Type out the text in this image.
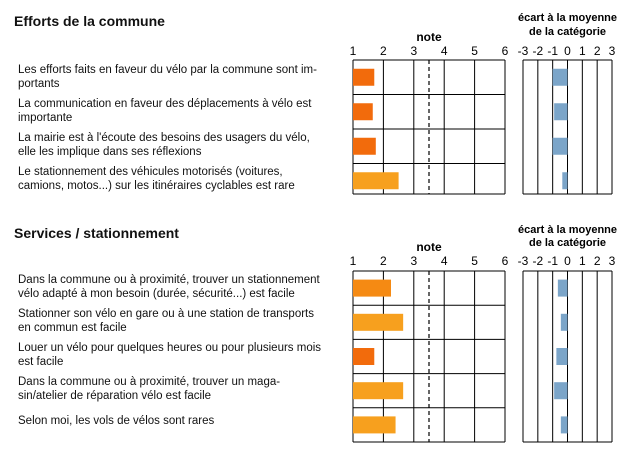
Efforts de la commune
Les efforts faits en faveur du vélo par la commune sont im-
portants
La communication en faveur des déplacements à vélo est
importante
La mairie est à l'écoute des besoins des usagers du vélo,
elle les implique dans ses réflexions
Le stationnement des véhicules motorisés (voitures,
camions, motos...) sur les itinéraires cyclables est rare
Services / stationnement
Dans la commune ou à proximité, trouver un stationnement
vélo adapté à mon besoin (durée, sécurité...) est facile
Stationner son vélo en gare ou à une station de transports
en commun est facile
Louer un vélo pour quelques heures ou pour plusieurs mois
est facile
Dans la commune ou à proximité, trouver un maga-
sin/atelier de réparation vélo est facile
Selon moi, les vols de vélos sont rares
note
1 2 3 4 5 6
écart à la moyenne
de la catégorie
-3 -2 -1 0 1 2 3
note
1 2 3 4 5 6
écart à la moyenne
de la catégorie
-3 -2 -1 0 1 2 3
